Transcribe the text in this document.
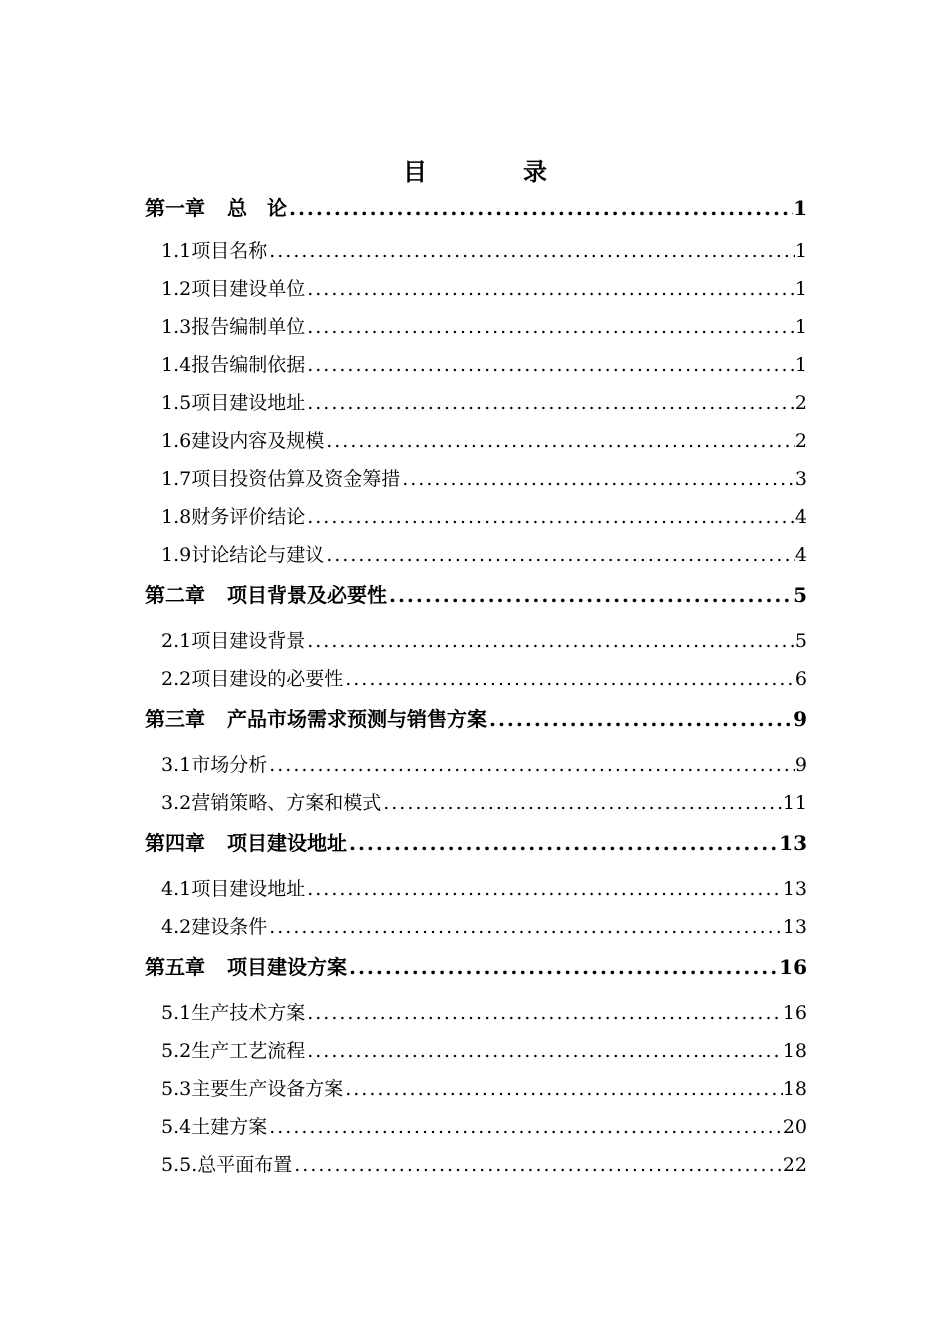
目　录
第一章 总　论 .....	1
1.1项目名称 .....	1
1.2项目建设单位 .....	1
1.3报告编制单位 .....	1
1.4报告编制依据 .....	1
1.5项目建设地址 .....	2
1.6建设内容及规模 .....	2
1.7项目投资估算及资金筹措 .....	3
1.8财务评价结论 .....	4
1.9讨论结论与建议 .....	4
第二章 项目背景及必要性 .....	5
2.1项目建设背景 .....	5
2.2项目建设的必要性 .....	6
第三章 产品市场需求预测与销售方案 .....	9
3.1市场分析 .....	9
3.2营销策略、方案和模式 .....	11
第四章 项目建设地址 .....	13
4.1项目建设地址 .....	13
4.2建设条件 .....	13
第五章 项目建设方案 .....	16
5.1生产技术方案 .....	16
5.2生产工艺流程 .....	18
5.3主要生产设备方案 .....	18
5.4土建方案 .....	20
5.5.总平面布置 .....	22
